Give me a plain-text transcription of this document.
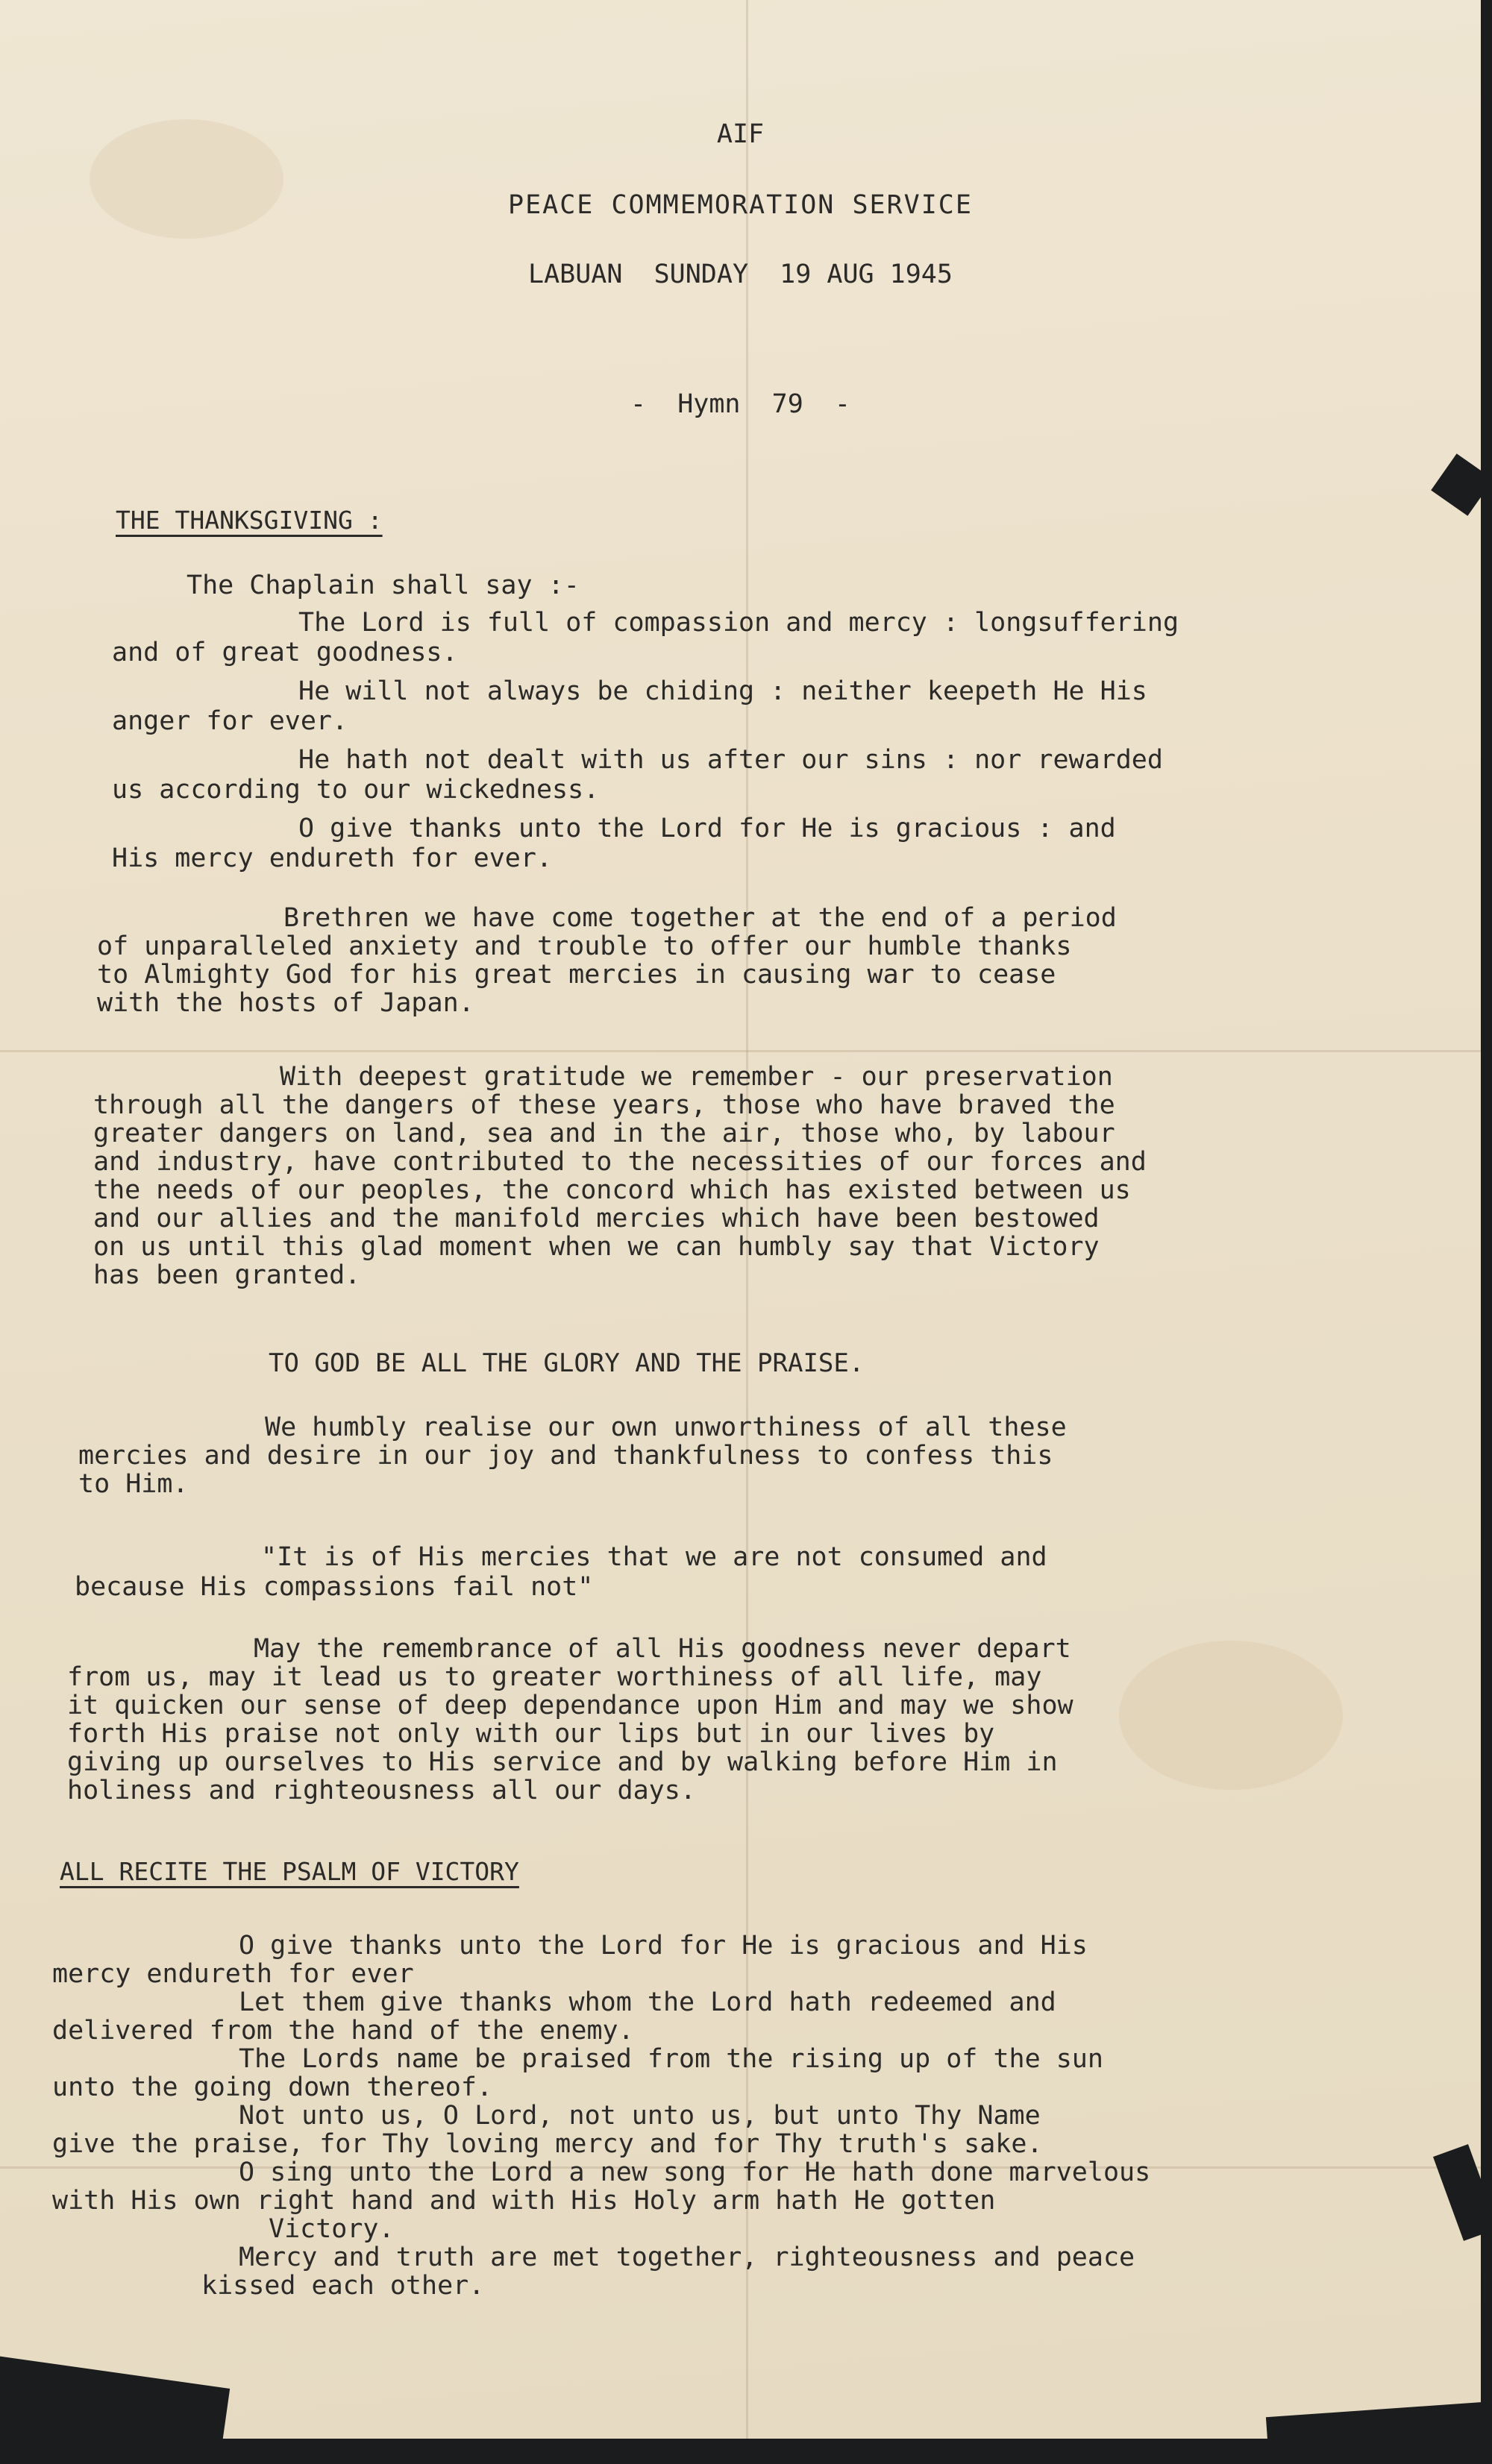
AIF
PEACE COMMEMORATION SERVICE
LABUAN  SUNDAY  19 AUG 1945
-  Hymn  79  -
THE THANKSGIVING :
The Chaplain shall say :-
The Lord is full of compassion and mercy : longsuffering
and of great goodness.
He will not always be chiding : neither keepeth He His
anger for ever.
He hath not dealt with us after our sins : nor rewarded
us according to our wickedness.
O give thanks unto the Lord for He is gracious : and
His mercy endureth for ever.
Brethren we have come together at the end of a period
of unparalleled anxiety and trouble to offer our humble thanks
to Almighty God for his great mercies in causing war to cease
with the hosts of Japan.
With deepest gratitude we remember - our preservation
through all the dangers of these years, those who have braved the
greater dangers on land, sea and in the air, those who, by labour
and industry, have contributed to the necessities of our forces and
the needs of our peoples, the concord which has existed between us
and our allies and the manifold mercies which have been bestowed
on us until this glad moment when we can humbly say that Victory
has been granted.
TO GOD BE ALL THE GLORY AND THE PRAISE.
We humbly realise our own unworthiness of all these
mercies and desire in our joy and thankfulness to confess this
to Him.
"It is of His mercies that we are not consumed and
because His compassions fail not"
May the remembrance of all His goodness never depart
from us, may it lead us to greater worthiness of all life, may
it quicken our sense of deep dependance upon Him and may we show
forth His praise not only with our lips but in our lives by
giving up ourselves to His service and by walking before Him in
holiness and righteousness all our days.
ALL RECITE THE PSALM OF VICTORY
O give thanks unto the Lord for He is gracious and His
mercy endureth for ever
Let them give thanks whom the Lord hath redeemed and
delivered from the hand of the enemy.
The Lords name be praised from the rising up of the sun
unto the going down thereof.
Not unto us, O Lord, not unto us, but unto Thy Name
give the praise, for Thy loving mercy and for Thy truth's sake.
O sing unto the Lord a new song for He hath done marvelous
with His own right hand and with His Holy arm hath He gotten
Victory.
Mercy and truth are met together, righteousness and peace
kissed each other.
